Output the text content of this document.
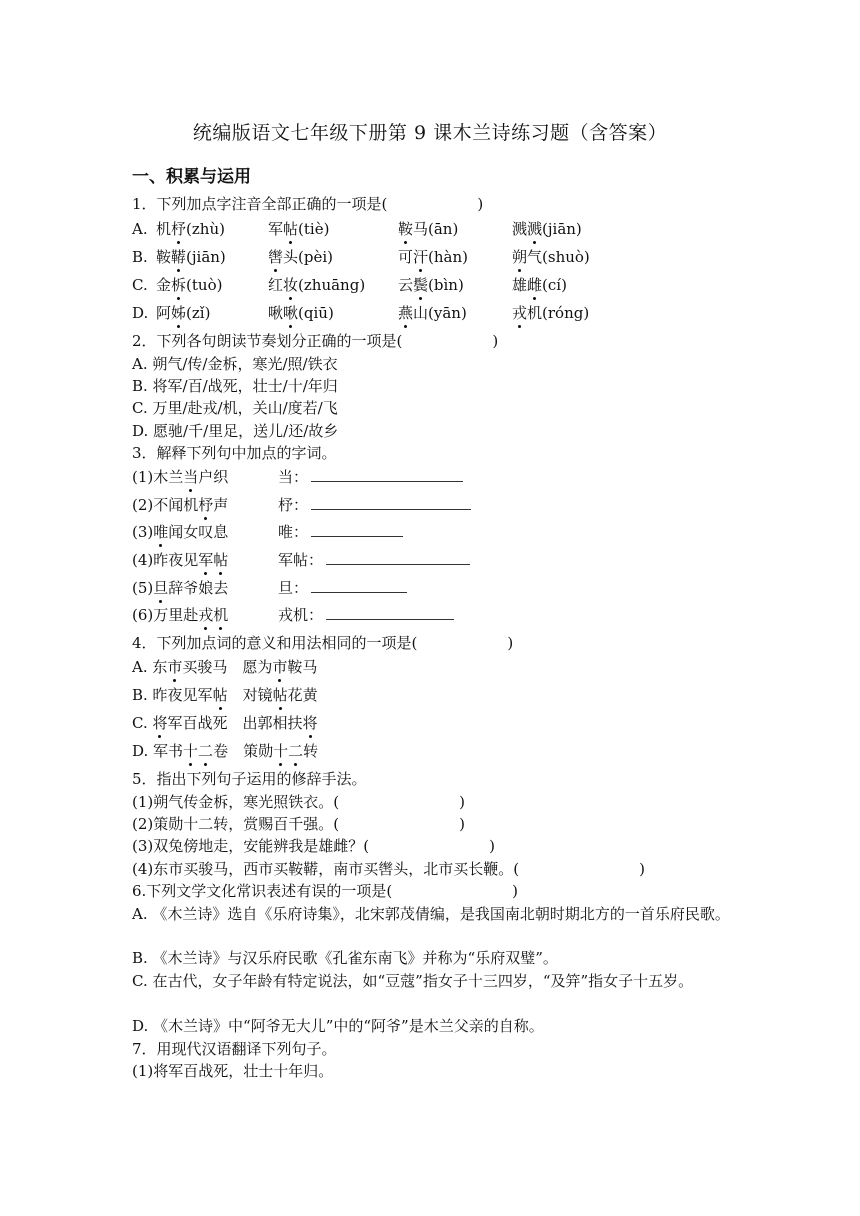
统编版语文七年级下册第 9 课木兰诗练习题（含答案）
一、积累与运用
1．下列加点字注音全部正确的一项是(　　　　　　)
A. 机杼(zhù)	军帖(tiè)	鞍马(ān)	溅溅(jiān)
B. 鞍鞯(jiān)	辔头(pèi)	可汗(hàn)	朔气(shuò)
C. 金柝(tuò)	红妆(zhuāng) 云鬓(bìn)	雄雌(cí)
D. 阿姊(zǐ)	啾啾(qiū)	燕山(yān)	戎机(róng)
2．下列各句朗读节奏划分正确的一项是(　　　　　　)
A. 朔气/传/金柝，寒光/照/铁衣
B. 将军/百/战死，壮士/十/年归
C. 万里/赴戎/机，关山/度若/飞
D. 愿驰/千/里足，送儿/还/故乡
3．解释下列句中加点的字词。
(1)木兰当户织	当：
(2)不闻机杼声	杼：
(3)唯闻女叹息	唯：
(4)昨夜见军帖	军帖：
(5)旦辞爷娘去	旦：
(6)万里赴戎机	戎机：
4．下列加点词的意义和用法相同的一项是(　　　　　　)
A. 东市买骏马　愿为市鞍马
B. 昨夜见军帖　对镜帖花黄
C. 将军百战死　出郭相扶将
D. 军书十二卷　策勋十二转
5．指出下列句子运用的修辞手法。
(1)朔气传金柝，寒光照铁衣。(　　　　　　　　)
(2)策勋十二转，赏赐百千强。(　　　　　　　　)
(3)双兔傍地走，安能辨我是雄雌？(　　　　　　　　)
(4)东市买骏马，西市买鞍鞯，南市买辔头，北市买长鞭。(　　　　　　　　)
6.下列文学文化常识表述有误的一项是(　　　　　　　　)
A. 《木兰诗》选自《乐府诗集》，北宋郭茂倩编，是我国南北朝时期北方的一首乐府民歌。
B. 《木兰诗》与汉乐府民歌《孔雀东南飞》并称为“乐府双璧”。
C. 在古代，女子年龄有特定说法，如“豆蔻”指女子十三四岁，“及笄”指女子十五岁。
D. 《木兰诗》中“阿爷无大儿”中的“阿爷”是木兰父亲的自称。
7．用现代汉语翻译下列句子。
(1)将军百战死，壮士十年归。
